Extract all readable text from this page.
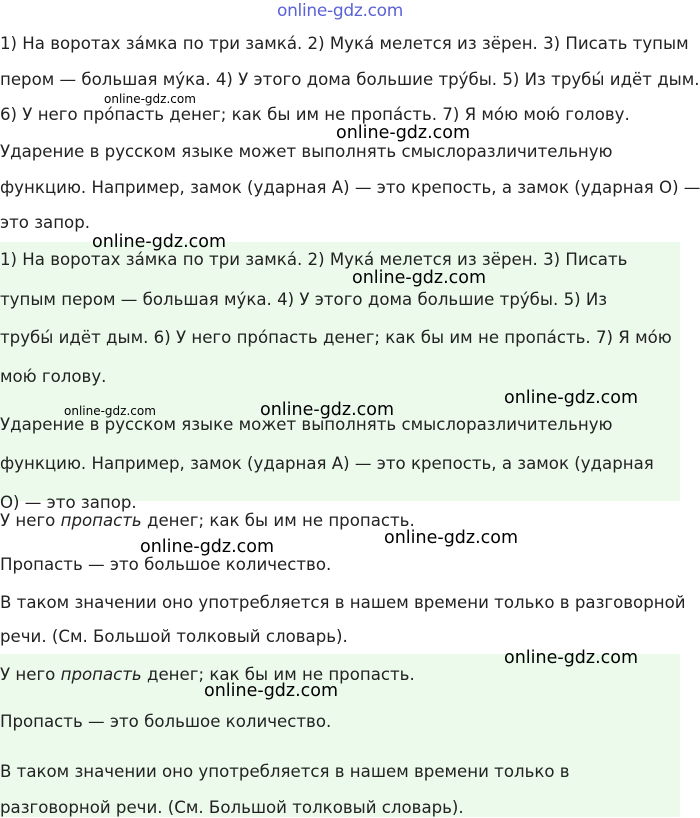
online-gdz.com

1) На воротах за́мка по три замка́. 2) Мука́ мелется из зёрен. 3) Писать тупым

пером — большая му́ка. 4) У этого дома большие тру́бы. 5) Из трубы́ идёт дым.

6) У него про́пасть денег; как бы им не пропа́сть. 7) Я мо́ю мою́ голову.

Ударение в русском языке может выполнять смыслоразличительную

функцию. Например, замок (ударная А) — это крепость, а замок (ударная О) —

это запор.

1) На воротах за́мка по три замка́. 2) Мука́ мелется из зёрен. 3) Писать

тупым пером — большая му́ка. 4) У этого дома большие тру́бы. 5) Из

трубы́ идёт дым. 6) У него про́пасть денег; как бы им не пропа́сть. 7) Я мо́ю

мою́ голову.

Ударение в русском языке может выполнять смыслоразличительную

функцию. Например, замок (ударная А) — это крепость, а замок (ударная

О) — это запор.

У него пропасть денег; как бы им не пропасть.

Пропасть — это большое количество.

В таком значении оно употребляется в нашем времени только в разговорной

речи. (См. Большой толковый словарь).

У него пропасть денег; как бы им не пропасть.

Пропасть — это большое количество.

В таком значении оно употребляется в нашем времени только в

разговорной речи. (См. Большой толковый словарь).

online-gdz.com
online-gdz.com
online-gdz.com
online-gdz.com
online-gdz.com	online-gdz.com
online-gdz.com
online-gdz.com
online-gdz.com
online-gdz.com
online-gdz.com
